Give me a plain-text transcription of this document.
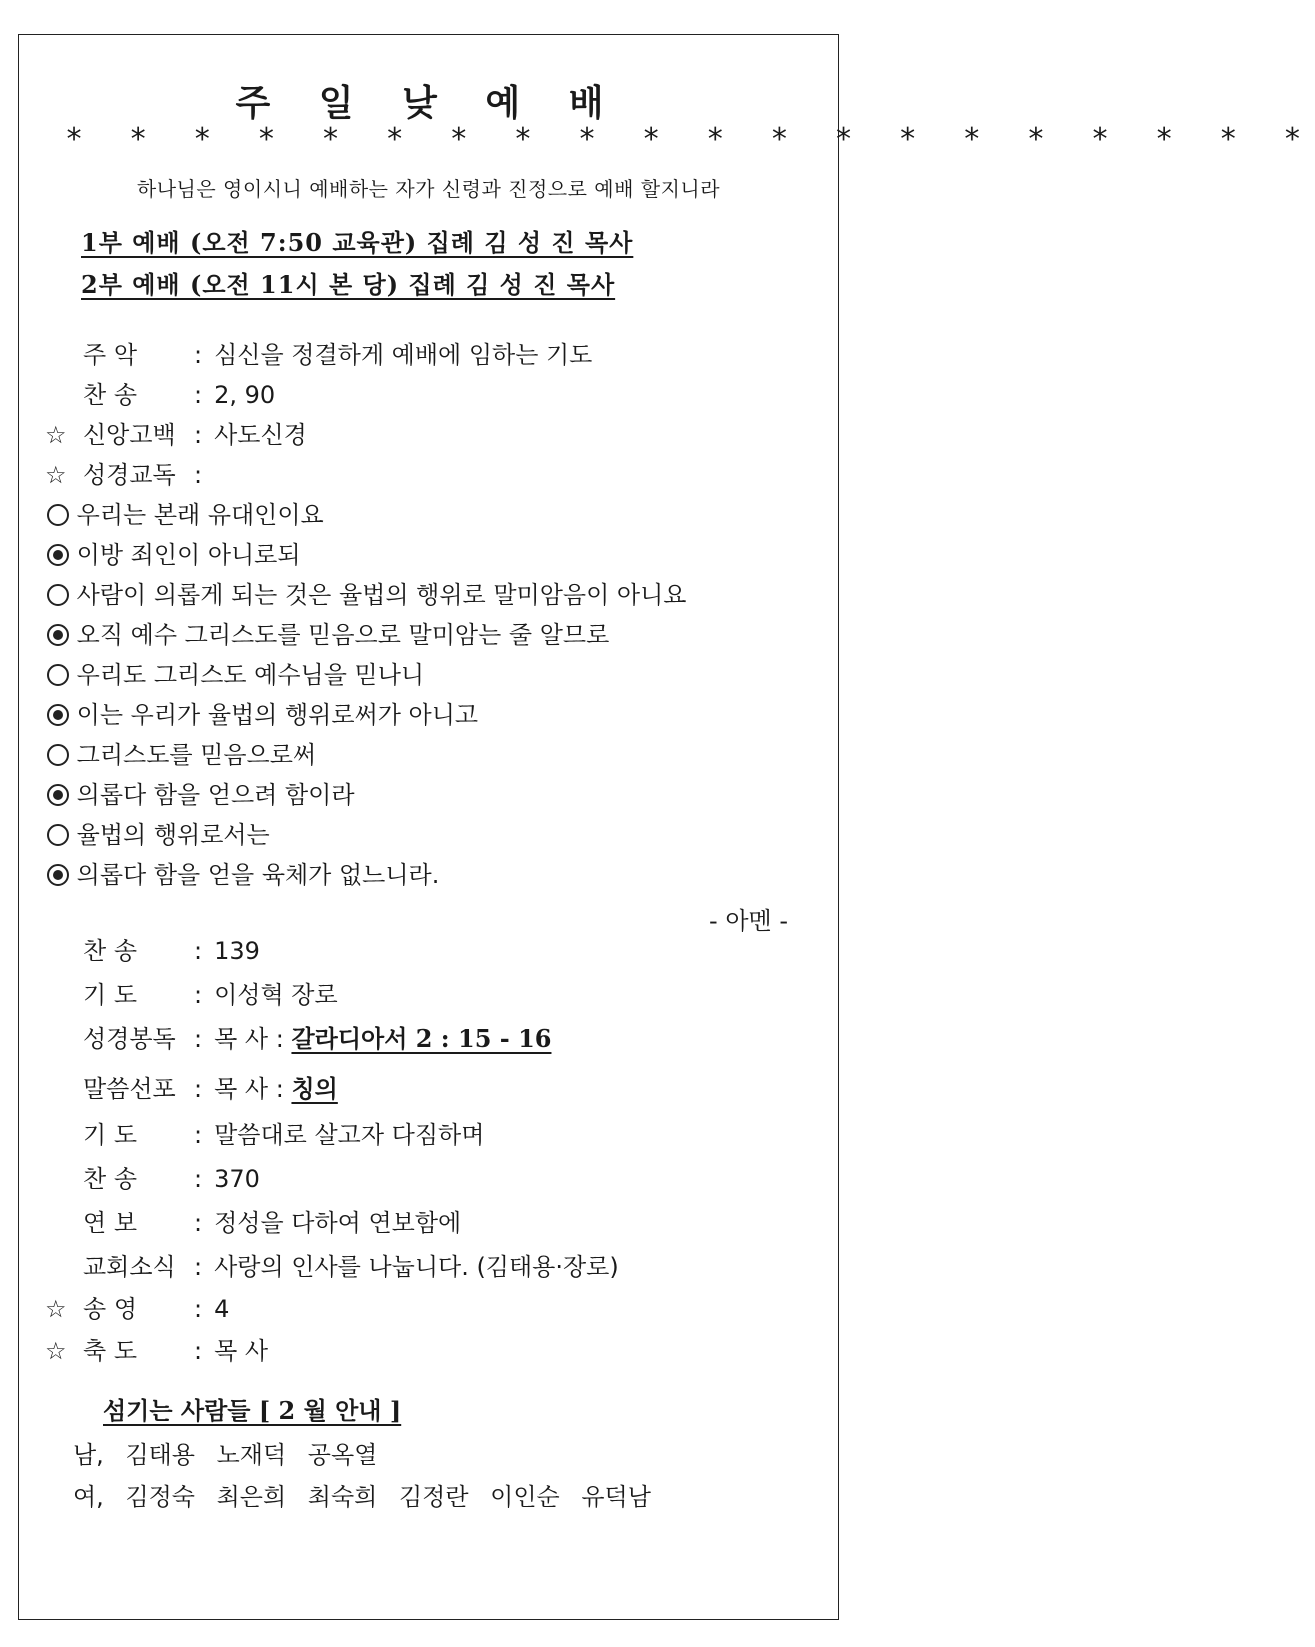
주 일 낮 예 배
* * * * * * * * * * * * * * * * * * * *
하나님은 영이시니 예배하는 자가 신령과 진정으로 예배 할지니라
1부 예배 (오전 7:50 교육관) 집례 김 성 진 목사
2부 예배 (오전 11시 본 당) 집례 김 성 진 목사
주 악 : 심신을 정결하게 예배에 임하는 기도
찬 송 : 2, 90
☆ 신앙고백 : 사도신경
☆ 성경교독 :
우리는 본래 유대인이요
이방 죄인이 아니로되
사람이 의롭게 되는 것은 율법의 행위로 말미암음이 아니요
오직 예수 그리스도를 믿음으로 말미암는 줄 알므로
우리도 그리스도 예수님을 믿나니
이는 우리가 율법의 행위로써가 아니고
그리스도를 믿음으로써
의롭다 함을 얻으려 함이라
율법의 행위로서는
의롭다 함을 얻을 육체가 없느니라.
- 아멘 -
찬 송 : 139
기 도 : 이성혁 장로
성경봉독 : 목 사 : 갈라디아서 2 : 15 - 16
말씀선포 : 목 사 : 칭의
기 도 : 말씀대로 살고자 다짐하며
찬 송 : 370
연 보 : 정성을 다하여 연보함에
교회소식 : 사랑의 인사를 나눕니다. (김태용·장로)
☆ 송 영 : 4
☆ 축 도 : 목 사
섬기는 사람들 [ 2 월 안내 ]
남, 김태용 노재덕 공옥열
여, 김정숙 최은희 최숙희 김정란 이인순 유덕남
